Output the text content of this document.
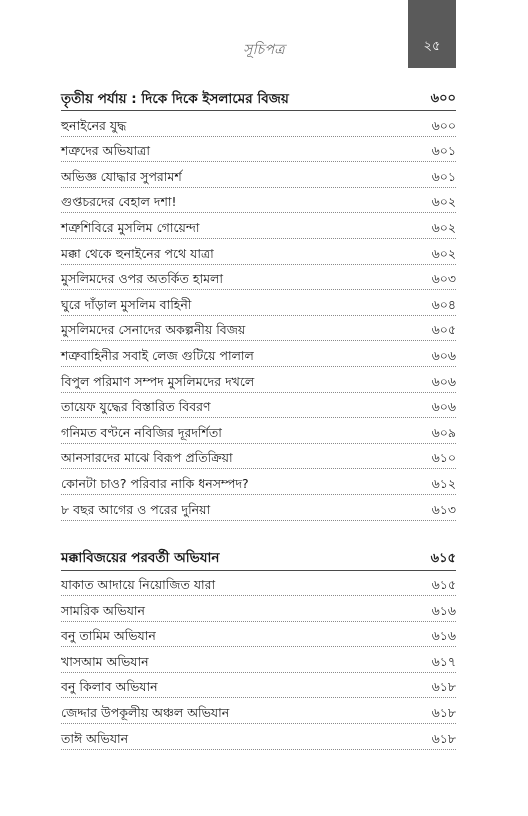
সূচিপত্র	২৫
তৃতীয় পর্যায় : দিকে দিকে ইসলামের বিজয়	৬০০
হুনাইনের যুদ্ধ	৬০০
শত্রুদের অভিযাত্রা	৬০১
অভিজ্ঞ যোদ্ধার সুপরামর্শ	৬০১
গুপ্তচরদের বেহাল দশা!	৬০২
শত্রুশিবিরে মুসলিম গোয়েন্দা	৬০২
মক্কা থেকে হুনাইনের পথে যাত্রা	৬০২
মুসলিমদের ওপর অতর্কিত হামলা	৬০৩
ঘুরে দাঁড়াল মুসলিম বাহিনী	৬০৪
মুসলিমদের সেনাদের অকল্পনীয় বিজয়	৬০৫
শত্রুবাহিনীর সবাই লেজ গুটিয়ে পালাল	৬০৬
বিপুল পরিমাণ সম্পদ মুসলিমদের দখলে	৬০৬
তায়েফ যুদ্ধের বিস্তারিত বিবরণ	৬০৬
গনিমত বণ্টনে নবিজির দূরদর্শিতা	৬০৯
আনসারদের মাঝে বিরূপ প্রতিক্রিয়া	৬১০
কোনটা চাও? পরিবার নাকি ধনসম্পদ?	৬১২
৮ বছর আগের ও পরের দুনিয়া	৬১৩
মক্কাবিজয়ের পরবর্তী অভিযান	৬১৫
যাকাত আদায়ে নিয়োজিত যারা	৬১৫
সামরিক অভিযান	৬১৬
বনু তামিম অভিযান	৬১৬
খাসআম অভিযান	৬১৭
বনু কিলাব অভিযান	৬১৮
জেদ্দার উপকূলীয় অঞ্চল অভিযান	৬১৮
তাঈ অভিযান	৬১৮
